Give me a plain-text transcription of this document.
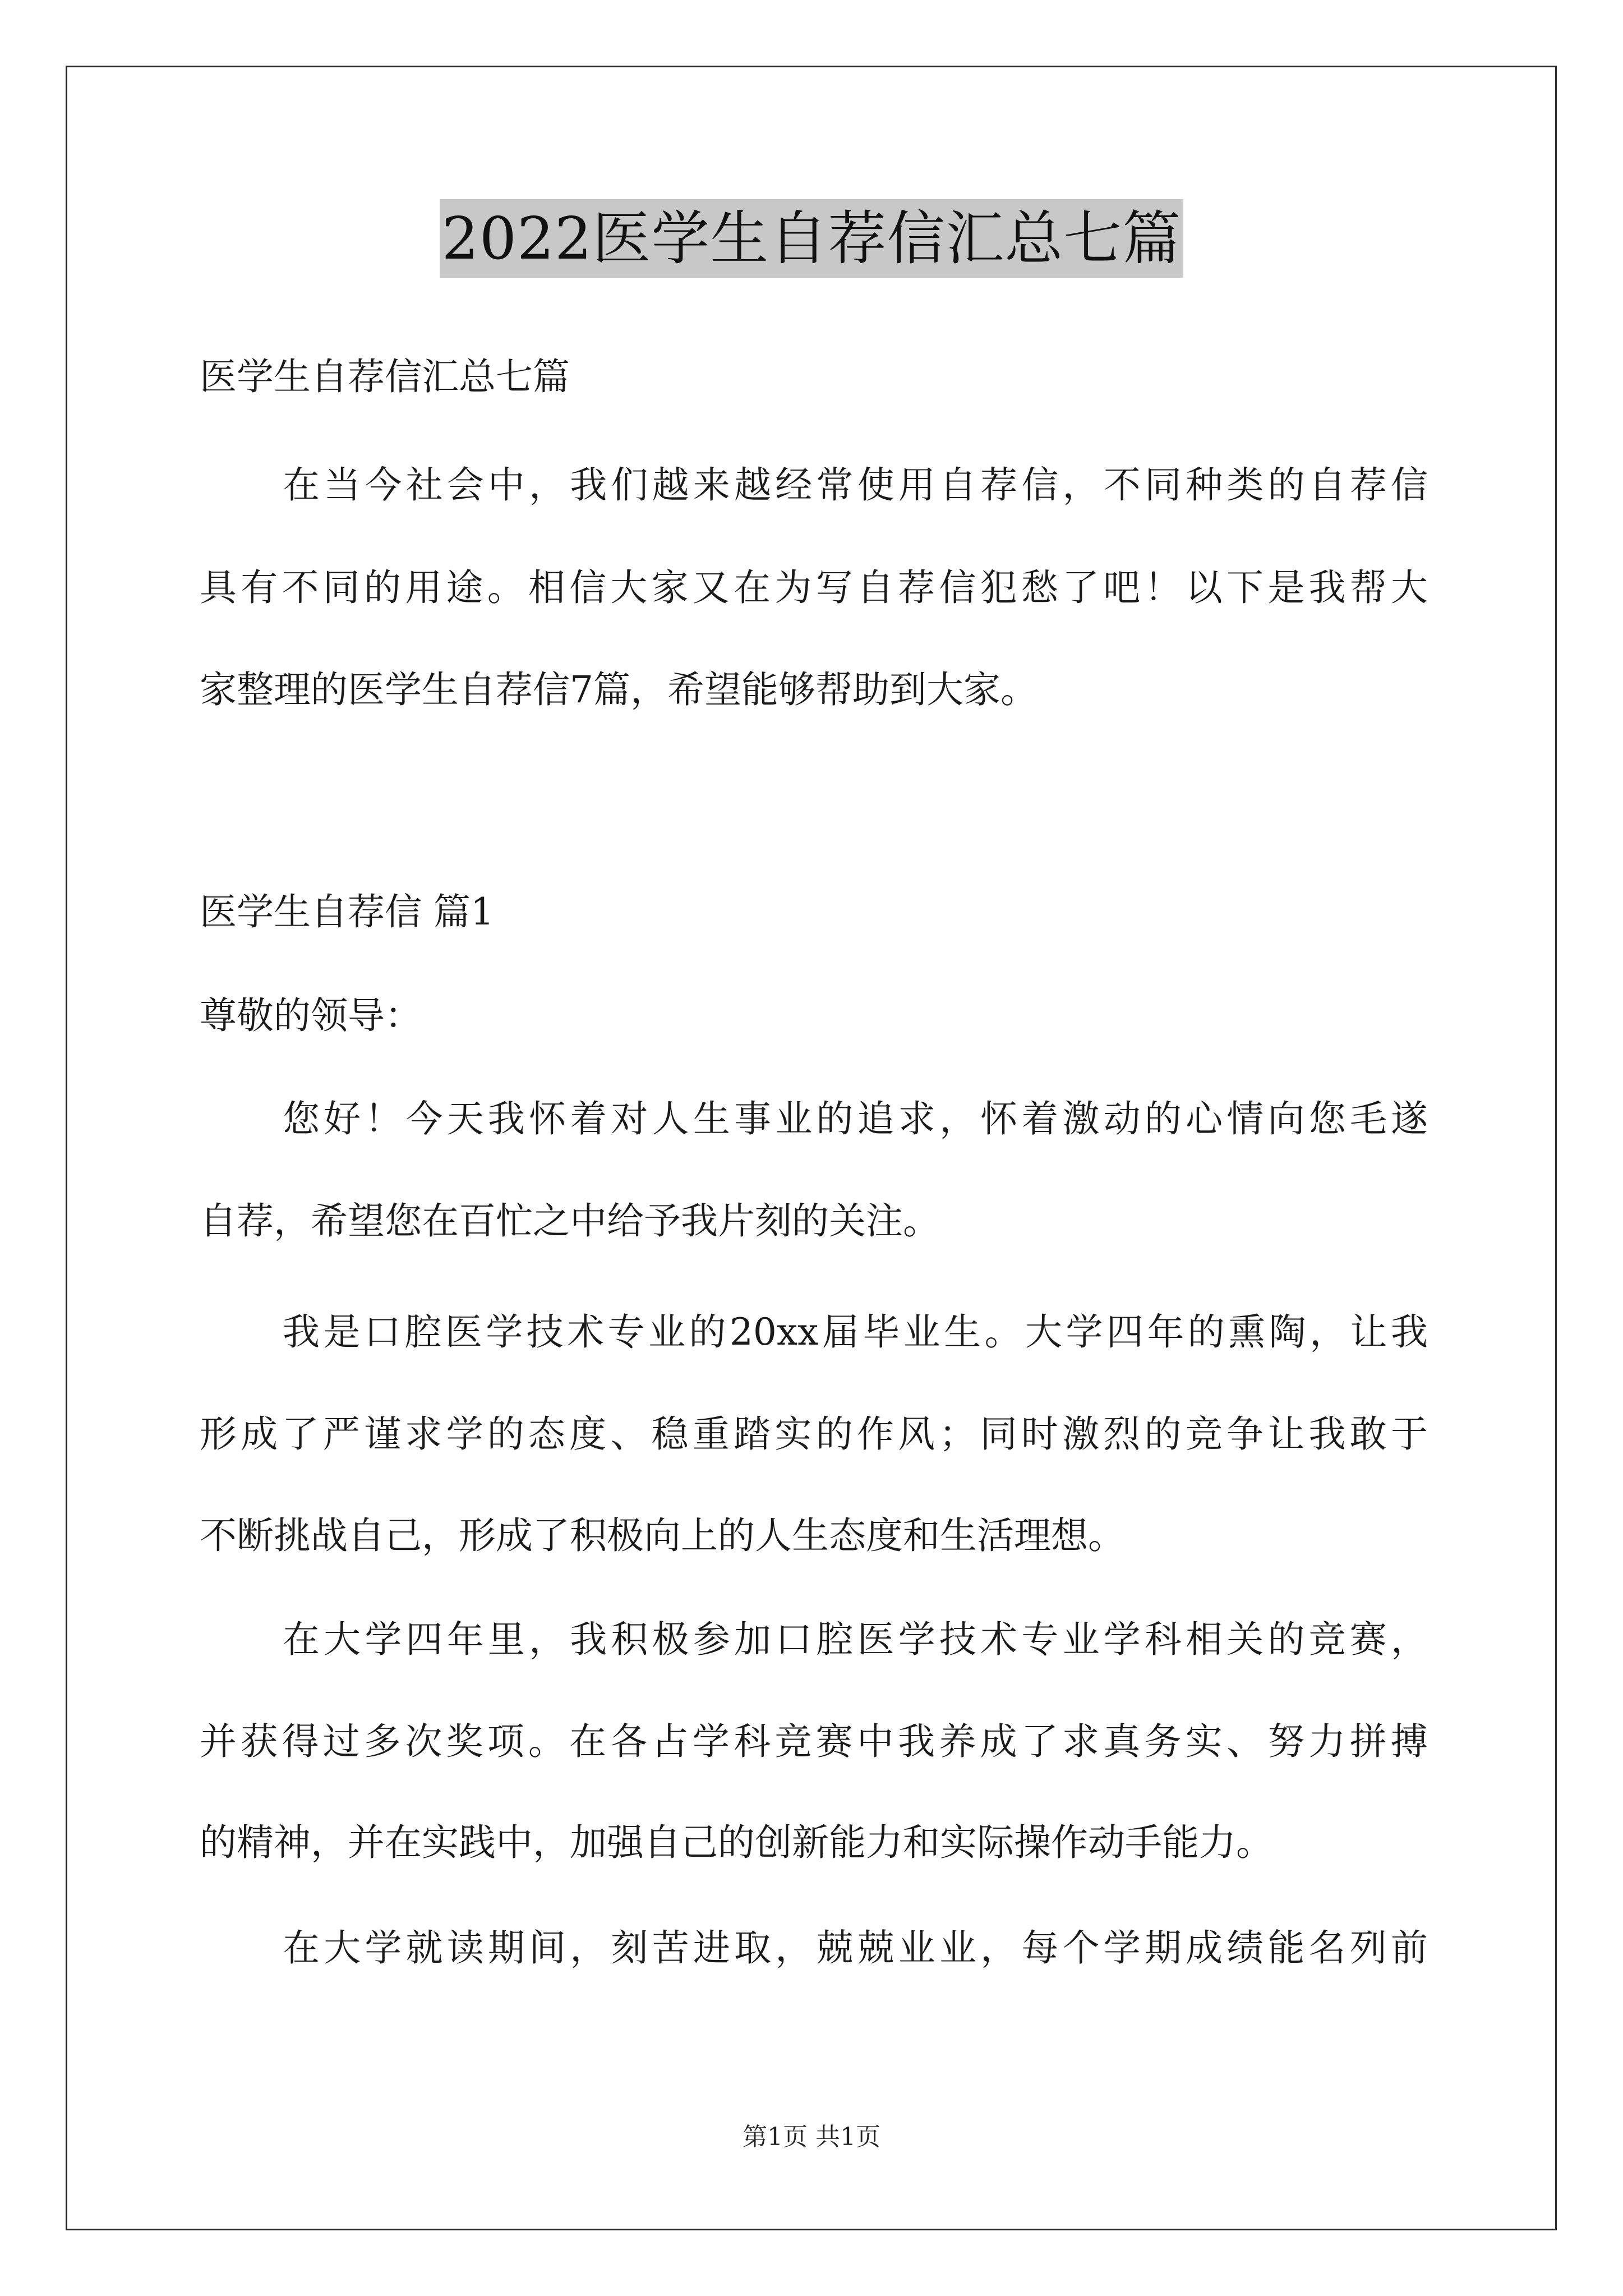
2022医学生自荐信汇总七篇
医学生自荐信汇总七篇
在当今社会中，我们越来越经常使用自荐信，不同种类的自荐信
具有不同的用途。相信大家又在为写自荐信犯愁了吧！以下是我帮大
家整理的医学生自荐信7篇，希望能够帮助到大家。
医学生自荐信 篇1
尊敬的领导：
您好！今天我怀着对人生事业的追求，怀着激动的心情向您毛遂
自荐，希望您在百忙之中给予我片刻的关注。
我是口腔医学技术专业的20xx届毕业生。大学四年的熏陶，让我
形成了严谨求学的态度、稳重踏实的作风；同时激烈的竞争让我敢于
不断挑战自己，形成了积极向上的人生态度和生活理想。
在大学四年里，我积极参加口腔医学技术专业学科相关的竞赛，
并获得过多次奖项。在各占学科竞赛中我养成了求真务实、努力拼搏
的精神，并在实践中，加强自己的创新能力和实际操作动手能力。
在大学就读期间，刻苦进取，兢兢业业，每个学期成绩能名列前
第1页 共1页
